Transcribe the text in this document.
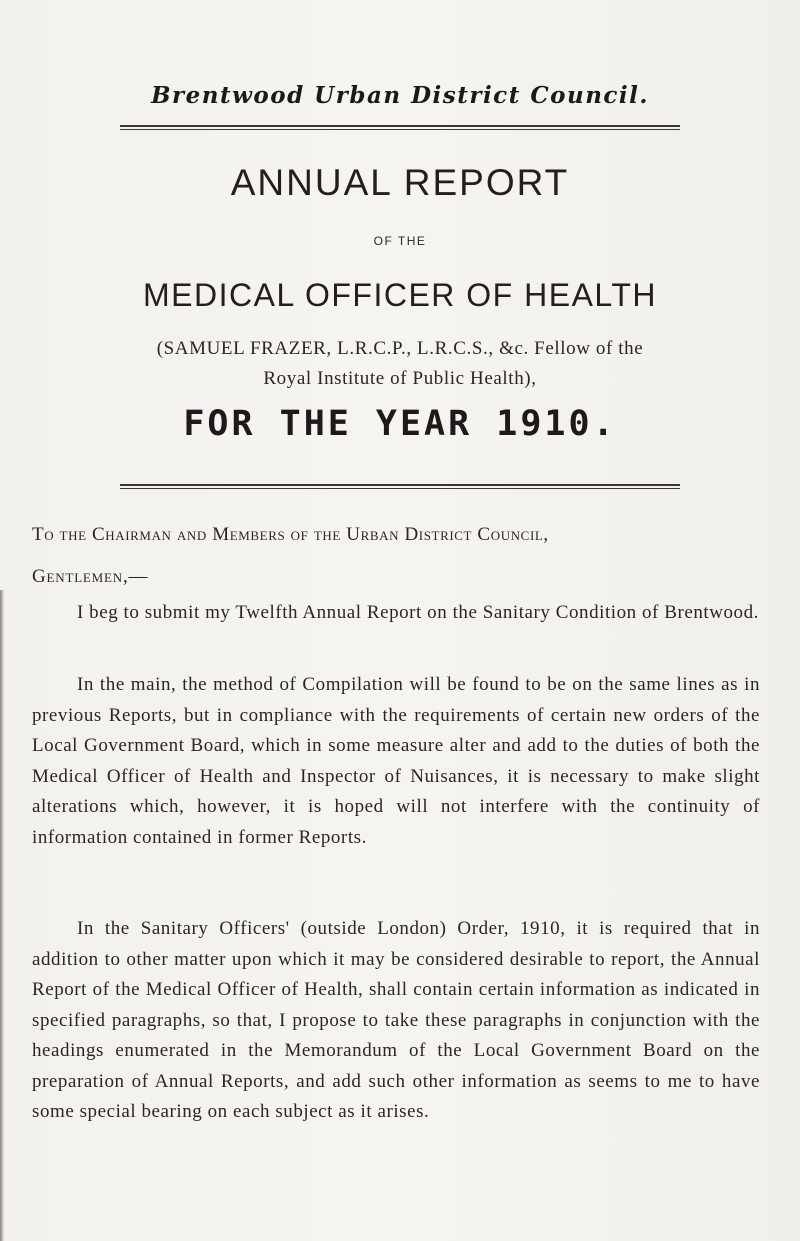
Brentwood Urban District Council.
ANNUAL REPORT
OF THE
MEDICAL OFFICER OF HEALTH
(SAMUEL FRAZER, L.R.C.P., L.R.C.S., &c. Fellow of the Royal Institute of Public Health),
FOR THE YEAR 1910.
To the Chairman and Members of the Urban District Council,
Gentlemen,—

I beg to submit my Twelfth Annual Report on the Sanitary Condition of Brentwood.

In the main, the method of Compilation will be found to be on the same lines as in previous Reports, but in compliance with the requirements of certain new orders of the Local Government Board, which in some measure alter and add to the duties of both the Medical Officer of Health and Inspector of Nuisances, it is necessary to make slight alterations which, however, it is hoped will not interfere with the continuity of information contained in former Reports.

In the Sanitary Officers' (outside London) Order, 1910, it is required that in addition to other matter upon which it may be considered desirable to report, the Annual Report of the Medical Officer of Health, shall contain certain information as indicated in specified paragraphs, so that, I propose to take these paragraphs in conjunction with the headings enumerated in the Memorandum of the Local Government Board on the preparation of Annual Reports, and add such other information as seems to me to have some special bearing on each subject as it arises.
